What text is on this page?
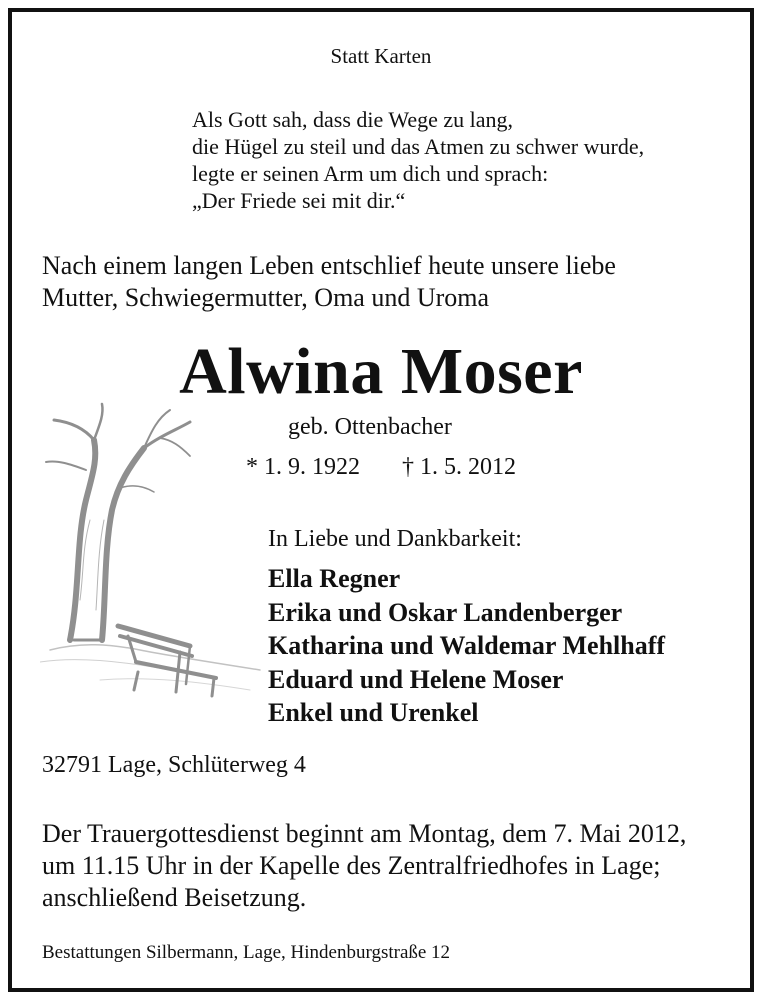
Statt Karten
Als Gott sah, dass die Wege zu lang,
die Hügel zu steil und das Atmen zu schwer wurde,
legte er seinen Arm um dich und sprach:
„Der Friede sei mit dir.“
Nach einem langen Leben entschlief heute unsere liebe
Mutter, Schwiegermutter, Oma und Uroma
Alwina Moser
geb. Ottenbacher
* 1. 9. 1922 † 1. 5. 2012
In Liebe und Dankbarkeit:
Ella Regner
Erika und Oskar Landenberger
Katharina und Waldemar Mehlhaff
Eduard und Helene Moser
Enkel und Urenkel
32791 Lage, Schlüterweg 4
Der Trauergottesdienst beginnt am Montag, dem 7. Mai 2012,
um 11.15 Uhr in der Kapelle des Zentralfriedhofes in Lage;
anschließend Beisetzung.
Bestattungen Silbermann, Lage, Hindenburgstraße 12
